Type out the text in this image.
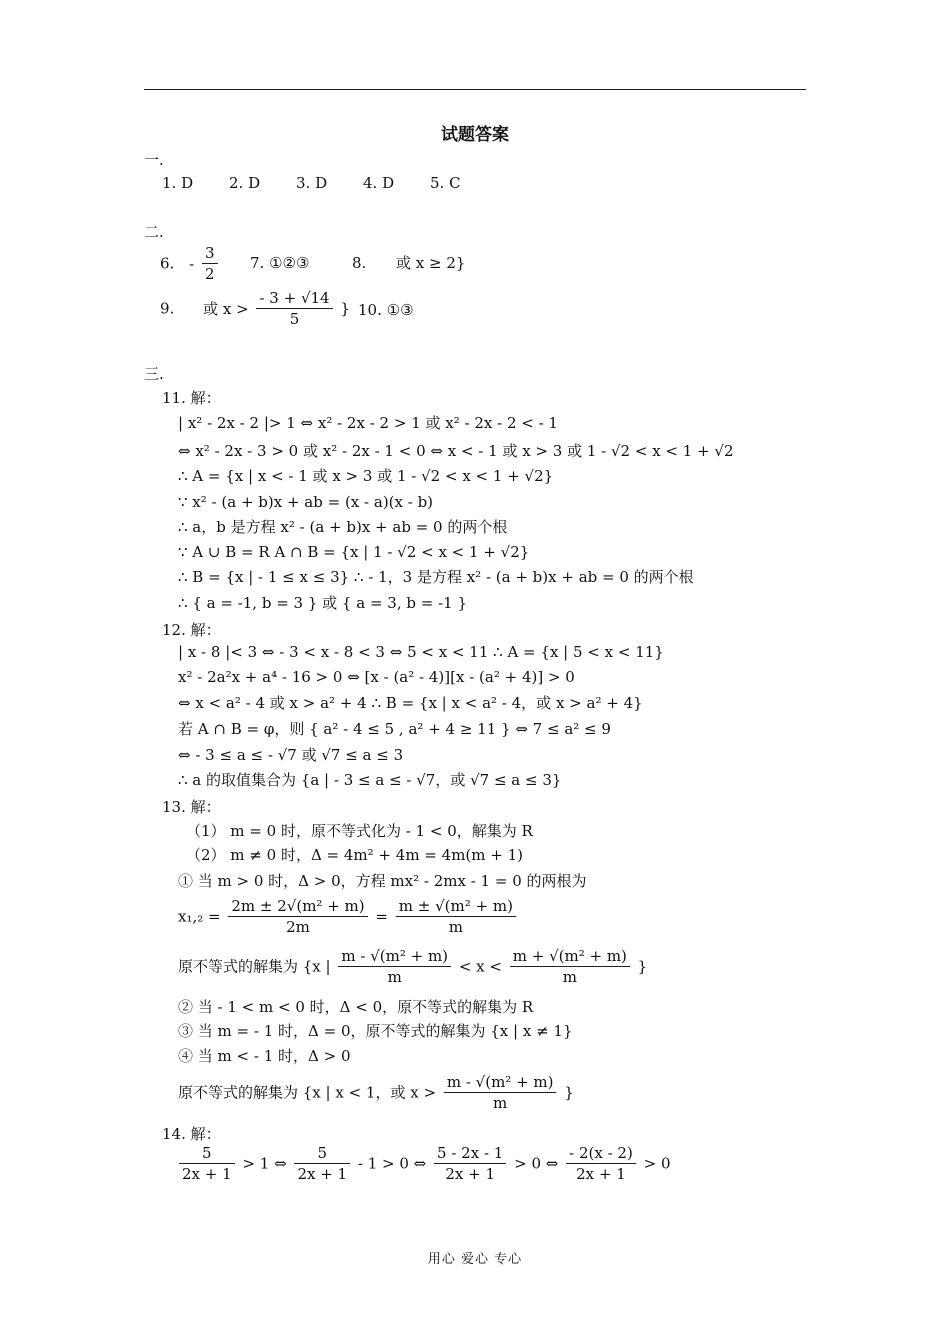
试题答案
一.
1. D 2. D 3. D 4. D 5. C
二.
6. - $\frac{3}{2} 7$. ①②③	8. 或 x ≥ 2}
9. 或 $x > \frac{- 3 + √14}{5}$ } 10. ①③
三.
11. 解：
| x² - 2x - 2 |> 1 ⇔ x² - 2x - 2 > 1 或 x² - 2x - 2 < - 1
⇔ x² - 2x - 3 > 0 或 x² - 2x - 1 < 0 ⇔ x < - 1 或 x > 3 或 1 - √2 < x < 1 + √2
∴ A = {x | x < - 1 或 x > 3 或 1 - √2 < x < 1 + √2}
∵ x² - (a + b)x + ab = (x - a)(x - b)
∴ a，b 是方程 x² - (a + b)x + ab = 0 的两个根
∵ A ∪ B = R A ∩ B = {x | 1 - √2 < x < 1 + √2}
∴ B = {x | - 1 ≤ x ≤ 3} ∴ - 1，3 是方程 x² - (a + b)x + ab = 0 的两个根
∴ { a = -1, b = 3 } 或 { a = 3, b = -1 }
12. 解：
| x - 8 |< 3 ⇔ - 3 < x - 8 < 3 ⇔ 5 < x < 11 ∴ A = {x | 5 < x < 11}
x² - 2a²x + a⁴ - 16 > 0 ⇔ [x - (a² - 4)][x - (a² + 4)] > 0
⇔ x < a² - 4 或 x > a² + 4 ∴ B = {x | x < a² - 4，或 x > a² + 4}
若 A ∩ B = φ，则 { a² - 4 ≤ 5 , a² + 4 ≥ 11 } ⇔ 7 ≤ a² ≤ 9
⇔ - 3 ≤ a ≤ - √7 或 √7 ≤ a ≤ 3
∴ a 的取值集合为 {a | - 3 ≤ a ≤ - √7，或 √7 ≤ a ≤ 3}
13. 解：
（1） m = 0 时，原不等式化为 - 1 < 0，解集为 R
（2） m ≠ 0 时，Δ = 4m² + 4m = 4m(m + 1)
① 当 m > 0 时，Δ > 0，方程 mx² - 2mx - 1 = 0 的两根为
$x_1,_2 = \frac{\text{2m ± 2√(m² + m)}}{2m} = \frac{\text{m ± √(m² + m)}}{m}$
原不等式的解集为 {x | $\frac{\text{m - √(m² + m)}}{m} < x < \frac{\text{m + √(m² + m)}}{m}$ }
② 当 - 1 < m < 0 时，Δ < 0，原不等式的解集为 R
③ 当 m = - 1 时，Δ = 0，原不等式的解集为 {x | x ≠ 1}
④ 当 m < - 1 时，Δ > 0
原不等式的解集为 {x | x < 1，或 $x > \frac{\text{m - √(m² + m)}}{m}$ }
14. 解：
$\frac{5}{2x + 1} > 1$ ⇔ $\frac{5}{2x + 1} - 1 > 0$ ⇔ $\frac{5 - 2x - 1}{2x + 1} > 0$ ⇔ $\frac{- 2(x - 2)}{2x + 1} > 0$
用心 爱心 专心
